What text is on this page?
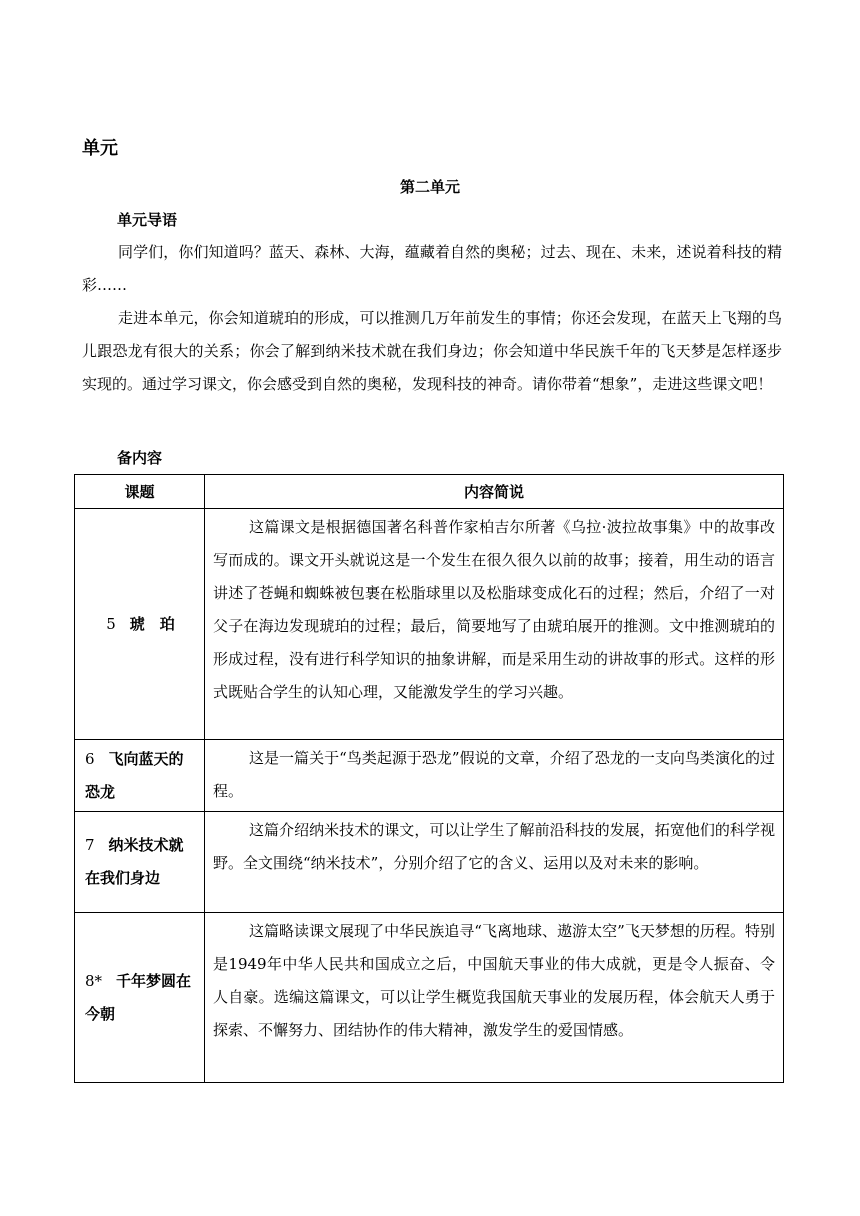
单元
第二单元
单元导语
同学们，你们知道吗？蓝天、森林、大海，蕴藏着自然的奥秘；过去、现在、未来，述说着科技的精彩……
走进本单元，你会知道琥珀的形成，可以推测几万年前发生的事情；你还会发现，在蓝天上飞翔的鸟儿跟恐龙有很大的关系；你会了解到纳米技术就在我们身边；你会知道中华民族千年的飞天梦是怎样逐步实现的。通过学习课文，你会感受到自然的奥秘，发现科技的神奇。请你带着“想象”，走进这些课文吧！
备内容
课题	内容简说
5 琥　珀	这篇课文是根据德国著名科普作家柏吉尔所著《乌拉·波拉故事集》中的故事改写而成的。课文开头就说这是一个发生在很久很久以前的故事；接着，用生动的语言讲述了苍蝇和蜘蛛被包裹在松脂球里以及松脂球变成化石的过程；然后，介绍了一对父子在海边发现琥珀的过程；最后，简要地写了由琥珀展开的推测。文中推测琥珀的形成过程，没有进行科学知识的抽象讲解，而是采用生动的讲故事的形式。这样的形式既贴合学生的认知心理，又能激发学生的学习兴趣。
6 飞向蓝天的恐龙	这是一篇关于“鸟类起源于恐龙”假说的文章，介绍了恐龙的一支向鸟类演化的过程。
7 纳米技术就在我们身边	这篇介绍纳米技术的课文，可以让学生了解前沿科技的发展，拓宽他们的科学视野。全文围绕“纳米技术”，分别介绍了它的含义、运用以及对未来的影响。
8* 千年梦圆在今朝	这篇略读课文展现了中华民族追寻“飞离地球、遨游太空”飞天梦想的历程。特别是1949年中华人民共和国成立之后，中国航天事业的伟大成就，更是令人振奋、令人自豪。选编这篇课文，可以让学生概览我国航天事业的发展历程，体会航天人勇于探索、不懈努力、团结协作的伟大精神，激发学生的爱国情感。
